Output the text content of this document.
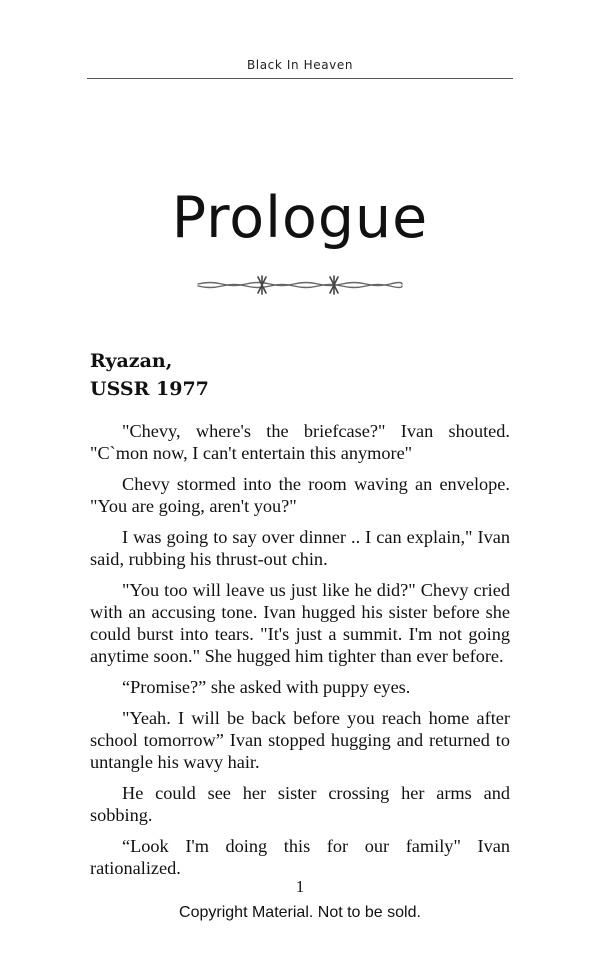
Black In Heaven
Prologue
Ryazan,
USSR 1977

"Chevy, where's the briefcase?" Ivan shouted. "C`mon now, I can't entertain this anymore"

Chevy stormed into the room waving an envelope. "You are going, aren't you?"

I was going to say over dinner .. I can explain," Ivan said, rubbing his thrust-out chin.

"You too will leave us just like he did?" Chevy cried with an accusing tone. Ivan hugged his sister before she could burst into tears. "It's just a summit. I'm not going anytime soon." She hugged him tighter than ever before.

“Promise?” she asked with puppy eyes.

"Yeah. I will be back before you reach home after school tomorrow” Ivan stopped hugging and returned to untangle his wavy hair.

He could see her sister crossing her arms and sobbing.

“Look I'm doing this for our family" Ivan rationalized.

1
Copyright Material. Not to be sold.
